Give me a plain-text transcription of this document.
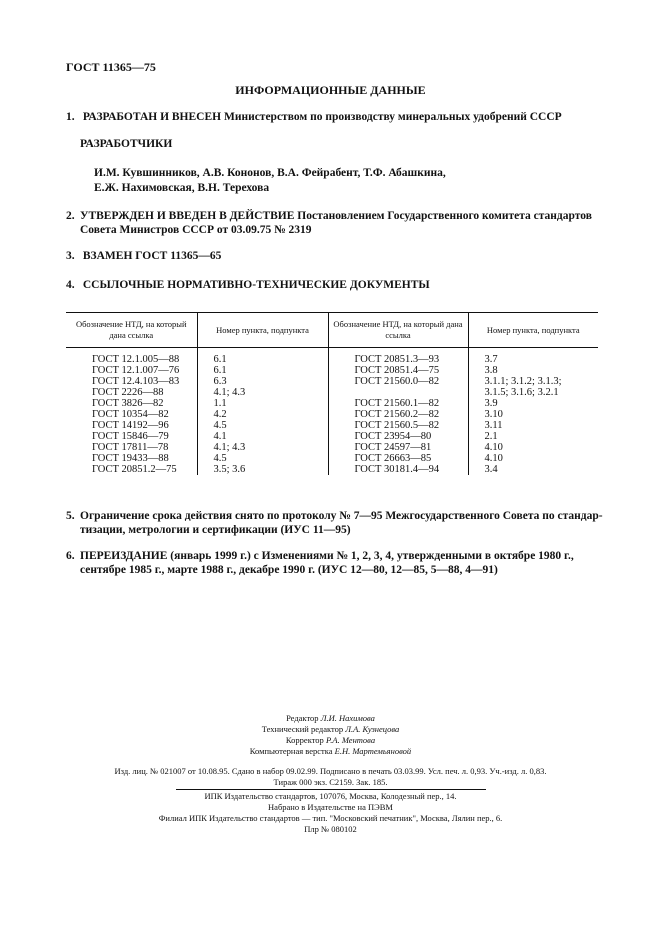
ГОСТ 11365—75
ИНФОРМАЦИОННЫЕ ДАННЫЕ
1. РАЗРАБОТАН И ВНЕСЕН Министерством по производству минеральных удобрений СССР
РАЗРАБОТЧИКИ
И.М. Кувшинников, А.В. Кононов, В.А. Фейрабент, Т.Ф. Абашкина,
Е.Ж. Нахимовская, В.Н. Терехова
2. УТВЕРЖДЕН И ВВЕДЕН В ДЕЙСТВИЕ Постановлением Государственного комитета стандартов
Совета Министров СССР от 03.09.75 № 2319
3. ВЗАМЕН ГОСТ 11365—65
4. ССЫЛОЧНЫЕ НОРМАТИВНО-ТЕХНИЧЕСКИЕ ДОКУМЕНТЫ
Обозначение НТД, на который дана ссылка	Номер пункта, подпункта	Обозначение НТД, на который дана ссылка	Номер пункта, подпункта
ГОСТ 12.1.005—88	6.1	ГОСТ 20851.3—93	3.7
ГОСТ 12.1.007—76	6.1	ГОСТ 20851.4—75	3.8
ГОСТ 12.4.103—83	6.3	ГОСТ 21560.0—82	3.1.1; 3.1.2; 3.1.3;
ГОСТ 2226—88	4.1; 4.3		3.1.5; 3.1.6; 3.2.1
ГОСТ 3826—82	1.1	ГОСТ 21560.1—82	3.9
ГОСТ 10354—82	4.2	ГОСТ 21560.2—82	3.10
ГОСТ 14192—96	4.5	ГОСТ 21560.5—82	3.11
ГОСТ 15846—79	4.1	ГОСТ 23954—80	2.1
ГОСТ 17811—78	4.1; 4.3	ГОСТ 24597—81	4.10
ГОСТ 19433—88	4.5	ГОСТ 26663—85	4.10
ГОСТ 20851.2—75	3.5; 3.6	ГОСТ 30181.4—94	3.4
5. Ограничение срока действия снято по протоколу № 7—95 Межгосударственного Совета по стандар-
тизации, метрологии и сертификации (ИУС 11—95)
6. ПЕРЕИЗДАНИЕ (январь 1999 г.) с Изменениями № 1, 2, 3, 4, утвержденными в октябре 1980 г.,
сентябре 1985 г., марте 1988 г., декабре 1990 г. (ИУС 12—80, 12—85, 5—88, 4—91)
Редактор Л.И. Нахимова
Технический редактор Л.А. Кузнецова
Корректор Р.А. Ментова
Компьютерная верстка Е.Н. Мартемьяновой
Изд. лиц. № 021007 от 10.08.95. Сдано в набор 09.02.99. Подписано в печать 03.03.99. Усл. печ. л. 0,93. Уч.-изд. л. 0,83.
Тираж 000 экз. С2159. Зак. 185.
ИПК Издательство стандартов, 107076, Москва, Колодезный пер., 14.
Набрано в Издательстве на ПЭВМ
Филиал ИПК Издательство стандартов — тип. "Московский печатник", Москва, Лялин пер., 6.
Плр № 080102
